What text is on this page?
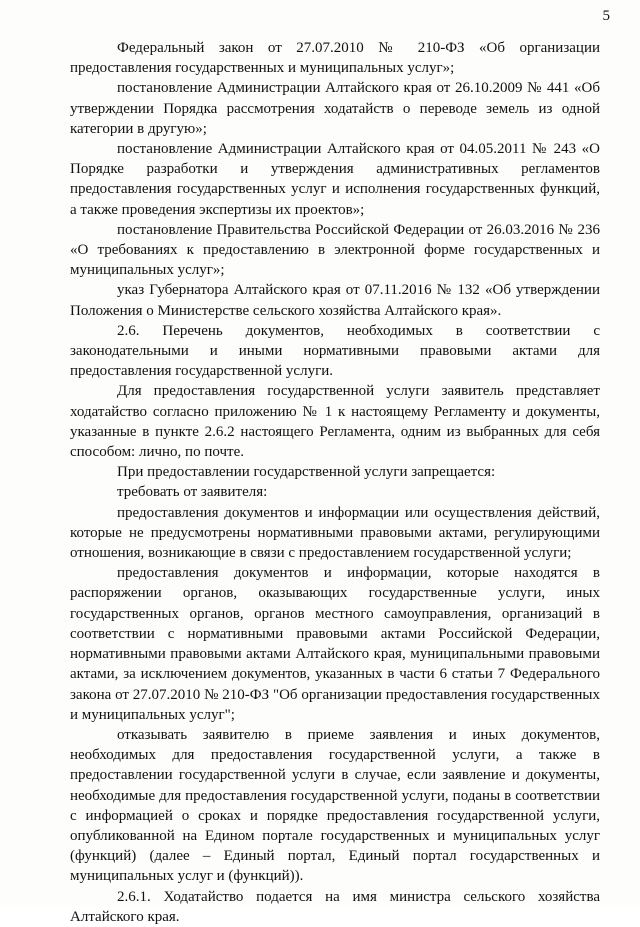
5

Федеральный закон от 27.07.2010 № 210-ФЗ «Об организации предоставления государственных и муниципальных услуг»;

постановление Администрации Алтайского края от 26.10.2009 № 441 «Об утверждении Порядка рассмотрения ходатайств о переводе земель из одной категории в другую»;

постановление Администрации Алтайского края от 04.05.2011 № 243 «О Порядке разработки и утверждения административных регламентов предоставления государственных услуг и исполнения государственных функций, а также проведения экспертизы их проектов»;

постановление Правительства Российской Федерации от 26.03.2016 № 236 «О требованиях к предоставлению в электронной форме государственных и муниципальных услуг»;

указ Губернатора Алтайского края от 07.11.2016 № 132 «Об утверждении Положения о Министерстве сельского хозяйства Алтайского края».

2.6. Перечень документов, необходимых в соответствии с законодательными и иными нормативными правовыми актами для предоставления государственной услуги.

Для предоставления государственной услуги заявитель представляет ходатайство согласно приложению № 1 к настоящему Регламенту и документы, указанные в пункте 2.6.2 настоящего Регламента, одним из выбранных для себя способом: лично, по почте.

При предоставлении государственной услуги запрещается:

требовать от заявителя:

предоставления документов и информации или осуществления действий, которые не предусмотрены нормативными правовыми актами, регулирующими отношения, возникающие в связи с предоставлением государственной услуги;

предоставления документов и информации, которые находятся в распоряжении органов, оказывающих государственные услуги, иных государственных органов, органов местного самоуправления, организаций в соответствии с нормативными правовыми актами Российской Федерации, нормативными правовыми актами Алтайского края, муниципальными правовыми актами, за исключением документов, указанных в части 6 статьи 7 Федерального закона от 27.07.2010 № 210-ФЗ "Об организации предоставления государственных и муниципальных услуг";

отказывать заявителю в приеме заявления и иных документов, необходимых для предоставления государственной услуги, а также в предоставлении государственной услуги в случае, если заявление и документы, необходимые для предоставления государственной услуги, поданы в соответствии с информацией о сроках и порядке предоставления государственной услуги, опубликованной на Едином портале государственных и муниципальных услуг (функций) (далее – Единый портал, Единый портал государственных и муниципальных услуг и (функций)).

2.6.1. Ходатайство подается на имя министра сельского хозяйства Алтайского края.
